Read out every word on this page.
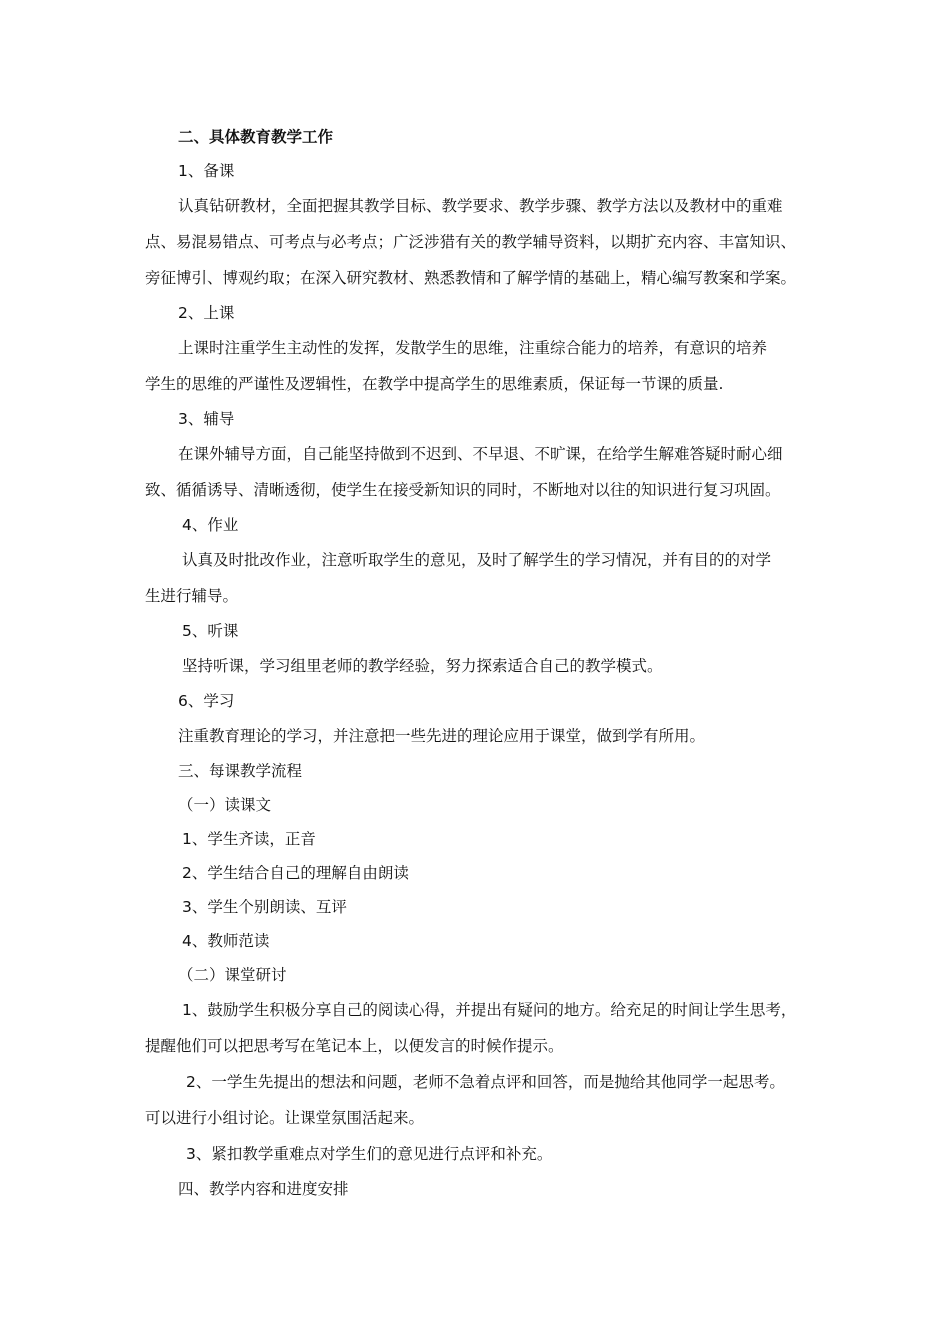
二、具体教育教学工作
1、备课
认真钻研教材，全面把握其教学目标、教学要求、教学步骤、教学方法以及教材中的重难
点、易混易错点、可考点与必考点；广泛涉猎有关的教学辅导资料，以期扩充内容、丰富知识、
旁征博引、博观约取；在深入研究教材、熟悉教情和了解学情的基础上，精心编写教案和学案。
2、上课
上课时注重学生主动性的发挥，发散学生的思维，注重综合能力的培养，有意识的培养
学生的思维的严谨性及逻辑性，在教学中提高学生的思维素质，保证每一节课的质量.
3、辅导
在课外辅导方面，自己能坚持做到不迟到、不早退、不旷课，在给学生解难答疑时耐心细
致、循循诱导、清晰透彻，使学生在接受新知识的同时，不断地对以往的知识进行复习巩固。
4、作业
认真及时批改作业，注意听取学生的意见，及时了解学生的学习情况，并有目的的对学
生进行辅导。
5、听课
坚持听课，学习组里老师的教学经验，努力探索适合自己的教学模式。
6、学习
注重教育理论的学习，并注意把一些先进的理论应用于课堂，做到学有所用。
三、每课教学流程
（一）读课文
1、学生齐读，正音
2、学生结合自己的理解自由朗读
3、学生个别朗读、互评
4、教师范读
（二）课堂研讨
1、鼓励学生积极分享自己的阅读心得，并提出有疑问的地方。给充足的时间让学生思考，
提醒他们可以把思考写在笔记本上，以便发言的时候作提示。
2、一学生先提出的想法和问题，老师不急着点评和回答，而是抛给其他同学一起思考。
可以进行小组讨论。让课堂氛围活起来。
3、紧扣教学重难点对学生们的意见进行点评和补充。
四、教学内容和进度安排
